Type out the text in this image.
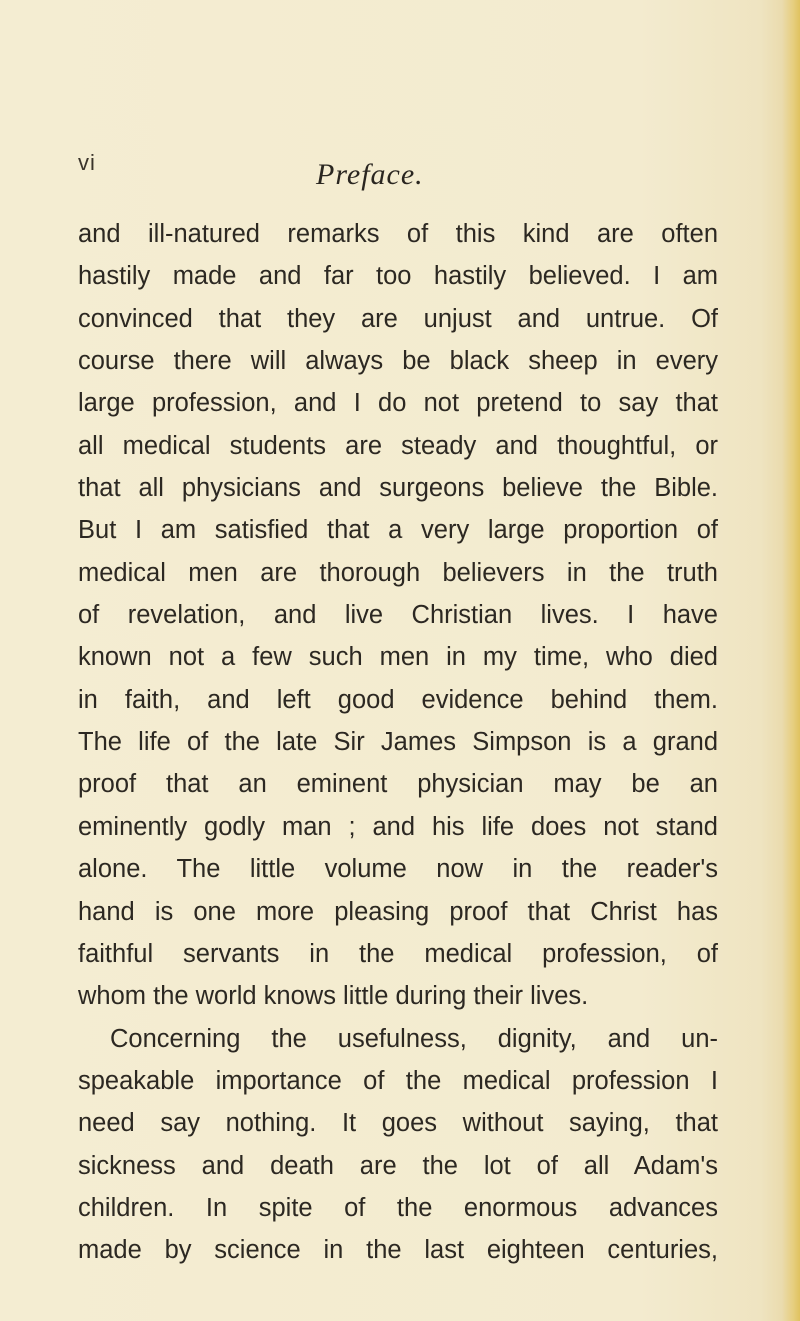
vi	Preface.
and ill-natured remarks of this kind are often
hastily made and far too hastily believed. I am
convinced that they are unjust and untrue. Of
course there will always be black sheep in every
large profession, and I do not pretend to say that
all medical students are steady and thoughtful, or
that all physicians and surgeons believe the Bible.
But I am satisfied that a very large proportion of
medical men are thorough believers in the truth
of revelation, and live Christian lives. I have
known not a few such men in my time, who died
in faith, and left good evidence behind them.
The life of the late Sir James Simpson is a grand
proof that an eminent physician may be an
eminently godly man ; and his life does not stand
alone. The little volume now in the reader's
hand is one more pleasing proof that Christ has
faithful servants in the medical profession, of
whom the world knows little during their lives.
Concerning the usefulness, dignity, and un-
speakable importance of the medical profession I
need say nothing. It goes without saying, that
sickness and death are the lot of all Adam's
children. In spite of the enormous advances
made by science in the last eighteen centuries,
